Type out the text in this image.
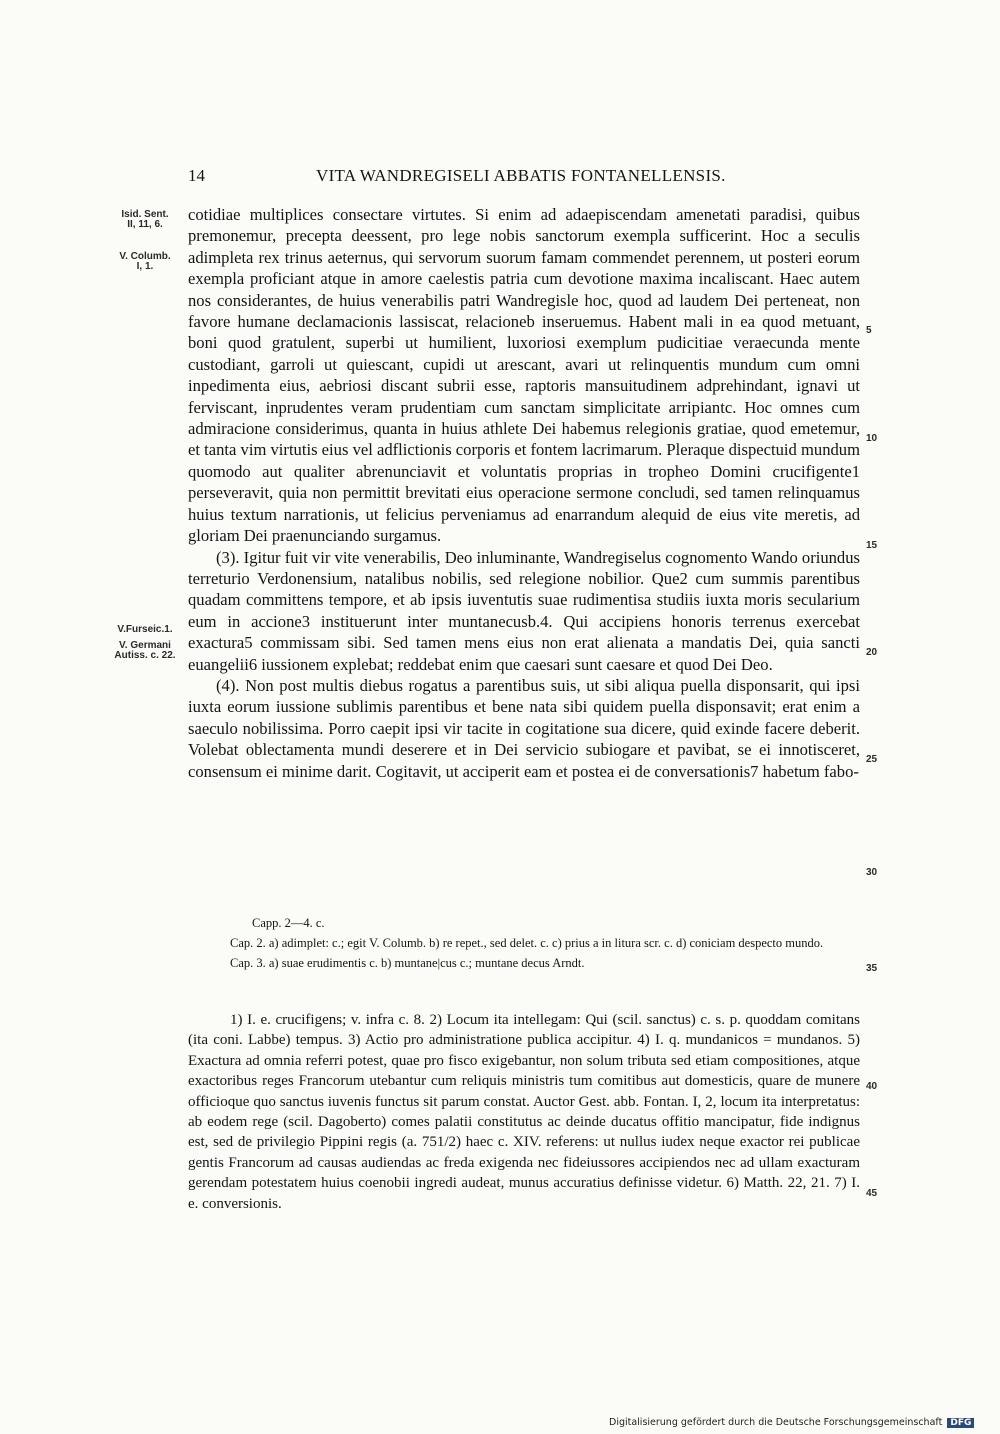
14	VITA WANDREGISELI ABBATIS FONTANELLENSIS.
Isid. Sent.
II, 11, 6.
V. Columb.
I, 1.
V.Furseic.1.
V. Germani
Autiss. c. 22.
5
10
15
20
25
30
35
40
45

cotidiae multiplices consectare virtutes. Si enim ad adaepiscendam amenetati paradisi, quibus premonemur, precepta deessent, pro lege nobis sanctorum exempla sufficerint. Hoc a seculis adimpleta rex trinus aeternus, qui servorum suorum famam commendet perennem, ut posteri eorum exempla proficiant atque in amore caelestis patria cum devotione maxima incaliscant. Haec autem nos considerantes, de huius venerabilis patri Wandregisle hoc, quod ad laudem Dei perteneat, non favore humane declamacionis lassiscat, relacioneb inseruemus. Habent mali in ea quod metuant, boni quod gratulent, superbi ut humilient, luxoriosi exemplum pudicitiae veraecunda mente custodiant, garroli ut quiescant, cupidi ut arescant, avari ut relinquentis mundum cum omni inpedimenta eius, aebriosi discant subrii esse, raptoris mansuitudinem adprehindant, ignavi ut ferviscant, inprudentes veram prudentiam cum sanctam simplicitate arripiantc. Hoc omnes cum admiracione considerimus, quanta in huius athlete Dei habemus relegionis gratiae, quod emetemur, et tanta vim virtutis eius vel adflictionis corporis et fontem lacrimarum. Pleraque dispectuid mundum quomodo aut qualiter abrenunciavit et voluntatis proprias in tropheo Domini crucifigente1 perseveravit, quia non permittit brevitati eius operacione sermone concludi, sed tamen relinquamus huius textum narrationis, ut felicius perveniamus ad enarrandum alequid de eius vite meretis, ad gloriam Dei praenunciando surgamus.

(3). Igitur fuit vir vite venerabilis, Deo inluminante, Wandregiselus cognomento Wando oriundus terreturio Verdonensium, natalibus nobilis, sed relegione nobilior. Que2 cum summis parentibus quadam committens tempore, et ab ipsis iuventutis suae rudimentisa studiis iuxta moris secularium eum in accione3 instituerunt inter muntanecusb.4. Qui accipiens honoris terrenus exercebat exactura5 commissam sibi. Sed tamen mens eius non erat alienata a mandatis Dei, quia sancti euangelii6 iussionem explebat; reddebat enim que caesari sunt caesare et quod Dei Deo.

(4). Non post multis diebus rogatus a parentibus suis, ut sibi aliqua puella disponsarit, qui ipsi iuxta eorum iussione sublimis parentibus et bene nata sibi quidem puella disponsavit; erat enim a saeculo nobilissima. Porro caepit ipsi vir tacite in cogitatione sua dicere, quid exinde facere deberit. Volebat oblectamenta mundi deserere et in Dei servicio subiogare et pavibat, se ei innotisceret, consensum ei minime darit. Cogitavit, ut acciperit eam et postea ei de conversationis7 habetum fabo-

Capp. 2—4. c.

Cap. 2. a) adimplet: c.; egit V. Columb. b) re repet., sed delet. c. c) prius a in litura scr. c. d) coniciam despecto mundo.

Cap. 3. a) suae erudimentis c. b) muntane|cus c.; muntane decus Arndt.

1) I. e. crucifigens; v. infra c. 8. 2) Locum ita intellegam: Qui (scil. sanctus) c. s. p. quoddam comitans (ita coni. Labbe) tempus. 3) Actio pro administratione publica accipitur. 4) I. q. mundanicos = mundanos. 5) Exactura ad omnia referri potest, quae pro fisco exigebantur, non solum tributa sed etiam compositiones, atque exactoribus reges Francorum utebantur cum reliquis ministris tum comitibus aut domesticis, quare de munere officioque quo sanctus iuvenis functus sit parum constat. Auctor Gest. abb. Fontan. I, 2, locum ita interpretatus: ab eodem rege (scil. Dagoberto) comes palatii constitutus ac deinde ducatus offitio mancipatur, fide indignus est, sed de privilegio Pippini regis (a. 751/2) haec c. XIV. referens: ut nullus iudex neque exactor rei publicae gentis Francorum ad causas audiendas ac freda exigenda nec fideiussores accipiendos nec ad ullam exacturam gerendam potestatem huius coenobii ingredi audeat, munus accuratius definisse videtur. 6) Matth. 22, 21. 7) I. e. conversionis.

Digitalisierung gefördert durch die Deutsche Forschungsgemeinschaft DFG
